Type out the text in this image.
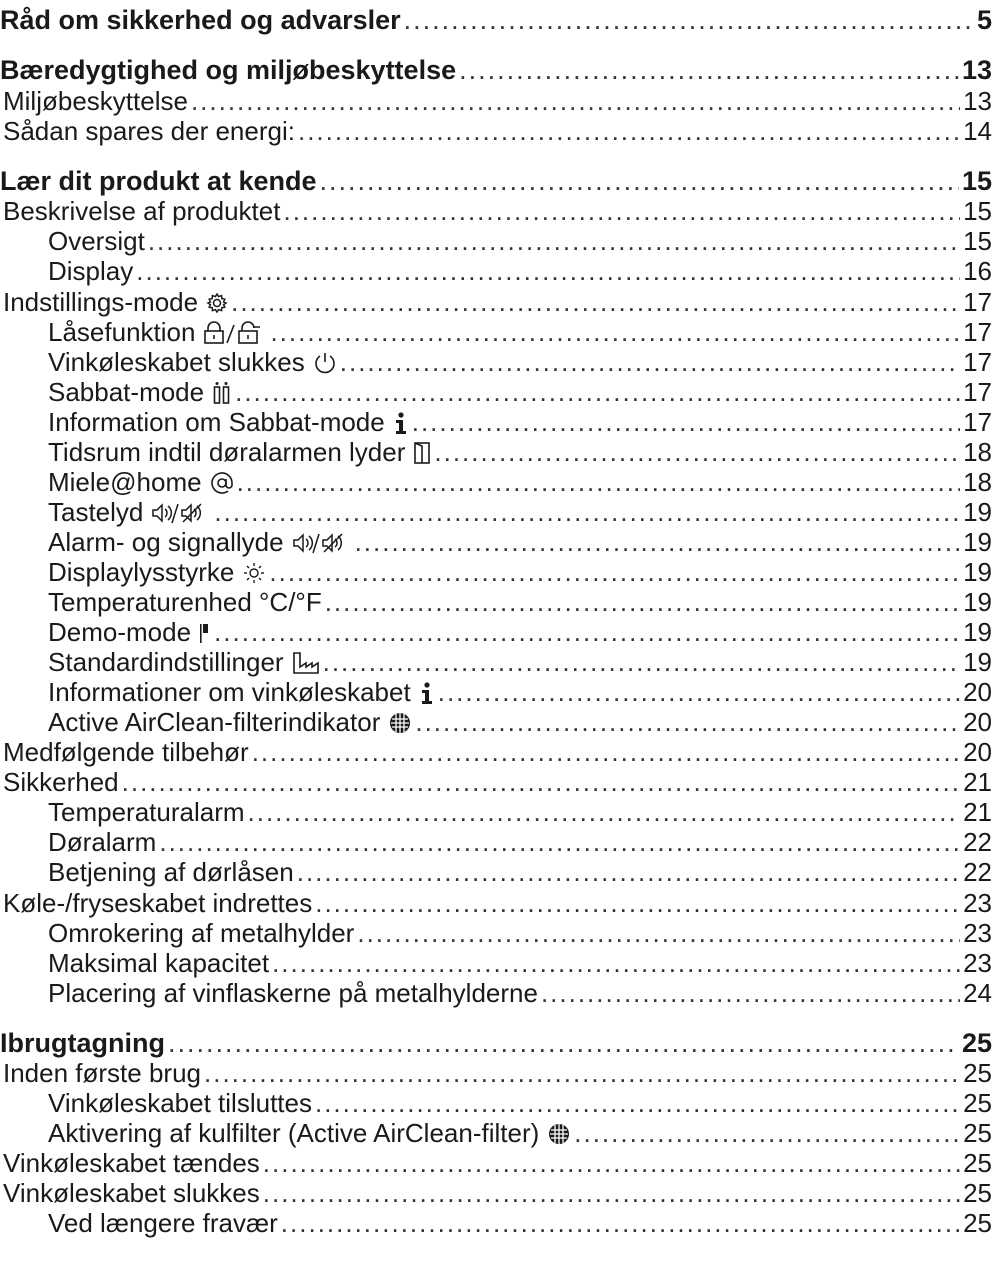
Råd om sikkerhed og advarsler .....	5
Bæredygtighed og miljøbeskyttelse .....	13
Miljøbeskyttelse .....	13
Sådan spares der energi: .....	14
Lær dit produkt at kende .....	15
Beskrivelse af produktet .....	15
Oversigt .....	15
Display .....	16
Indstillings-mode .....	17
Låsefunktion .....	17
Vinkøleskabet slukkes .....	17
Sabbat-mode .....	17
Information om Sabbat-mode .....	17
Tidsrum indtil døralarmen lyder .....	18
Miele@home .....	18
Tastelyd .....	19
Alarm- og signallyde .....	19
Displaylysstyrke .....	19
Temperaturenhed °C/°F .....	19
Demo-mode .....	19
Standardindstillinger .....	19
Informationer om vinkøleskabet .....	20
Active AirClean-filterindikator .....	20
Medfølgende tilbehør .....	20
Sikkerhed .....	21
Temperaturalarm .....	21
Døralarm .....	22
Betjening af dørlåsen .....	22
Køle-/fryseskabet indrettes .....	23
Omrokering af metalhylder .....	23
Maksimal kapacitet .....	23
Placering af vinflaskerne på metalhylderne .....	24
Ibrugtagning .....	25
Inden første brug .....	25
Vinkøleskabet tilsluttes .....	25
Aktivering af kulfilter (Active AirClean-filter) .....	25
Vinkøleskabet tændes .....	25
Vinkøleskabet slukkes .....	25
Ved længere fravær .....	25
